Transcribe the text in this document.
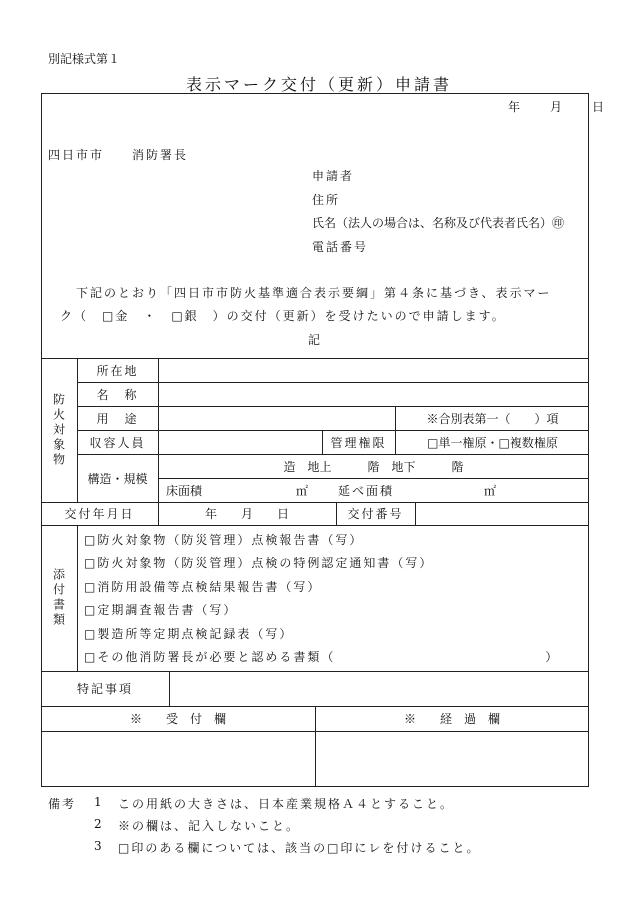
別記様式第１
表示マーク交付（更新）申請書
年　　月　　日
四日市市　　消防署長
申請者
住所
氏名（法人の場合は、名称及び代表者氏名）㊞
電話番号
下記のとおり「四日市市防火基準適合表示要綱」第４条に基づき、表示マー
ク（　□金　・　□銀　）の交付（更新）を受けたいので申請します。
記
防火対象物
所在地
名　称
用　途	※合別表第一（　　）項
収容人員	管理権限	□単一権原・□複数権原
構造・規模
造　地上　　　階　地下　　　階
床面積	㎡ 延べ面積	㎡
交付年月日	年　　月　　日	交付番号
添付書類
□防火対象物（防災管理）点検報告書（写）
□防火対象物（防災管理）点検の特例認定通知書（写）
□消防用設備等点検結果報告書（写）
□定期調査報告書（写）
□製造所等定期点検記録表（写）
□その他消防署長が必要と認める書類（　　　　　　　　　　　　　　　）
特記事項
※　　受　付　欄	※　　経　過　欄
備考 1 この用紙の大きさは、日本産業規格Ａ４とすること。
2 ※の欄は、記入しないこと。
3 □印のある欄については、該当の□印にレを付けること。
